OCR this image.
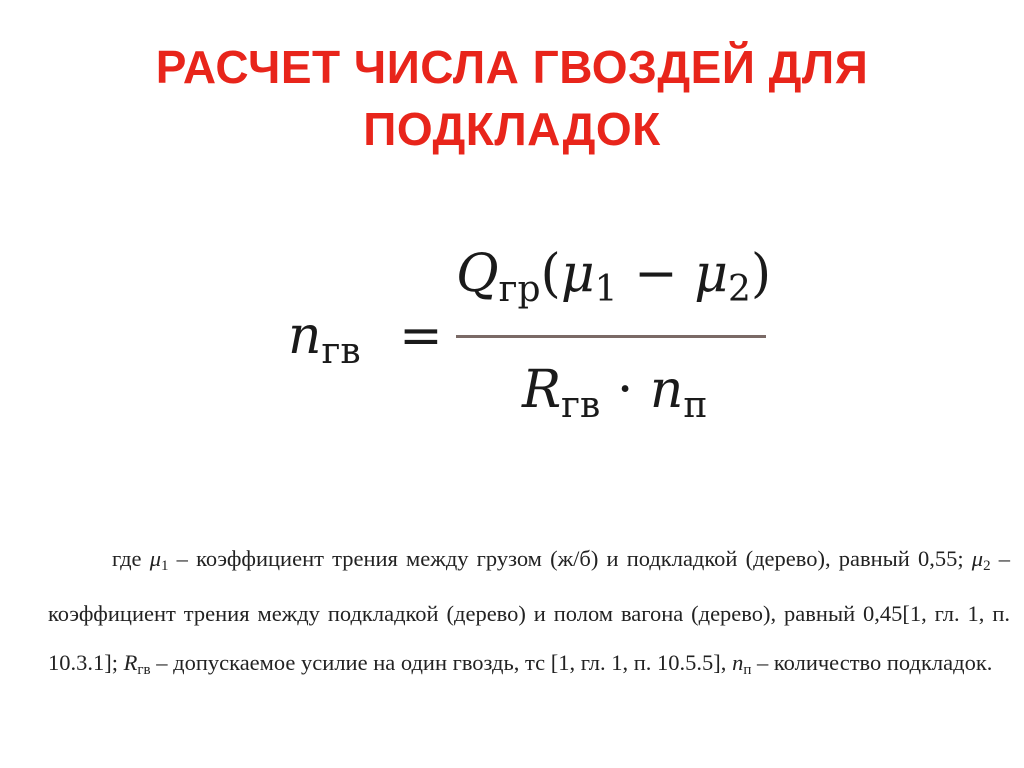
РАСЧЕТ ЧИСЛА ГВОЗДЕЙ ДЛЯ
ПОДКЛАДОК
$n_{гв}$ =
Qгр(μ1 − μ2)
Rгв · nп

где μ1 – коэффициент трения между грузом (ж/б) и подкладкой (дерево), равный 0,55; μ2 – коэффициент трения между подкладкой (дерево) и полом вагона (дерево), равный 0,45[1, гл. 1, п. 10.3.1]; Rгв – допускаемое усилие на один гвоздь, тс [1, гл. 1, п. 10.5.5], nп – количество подкладок.
